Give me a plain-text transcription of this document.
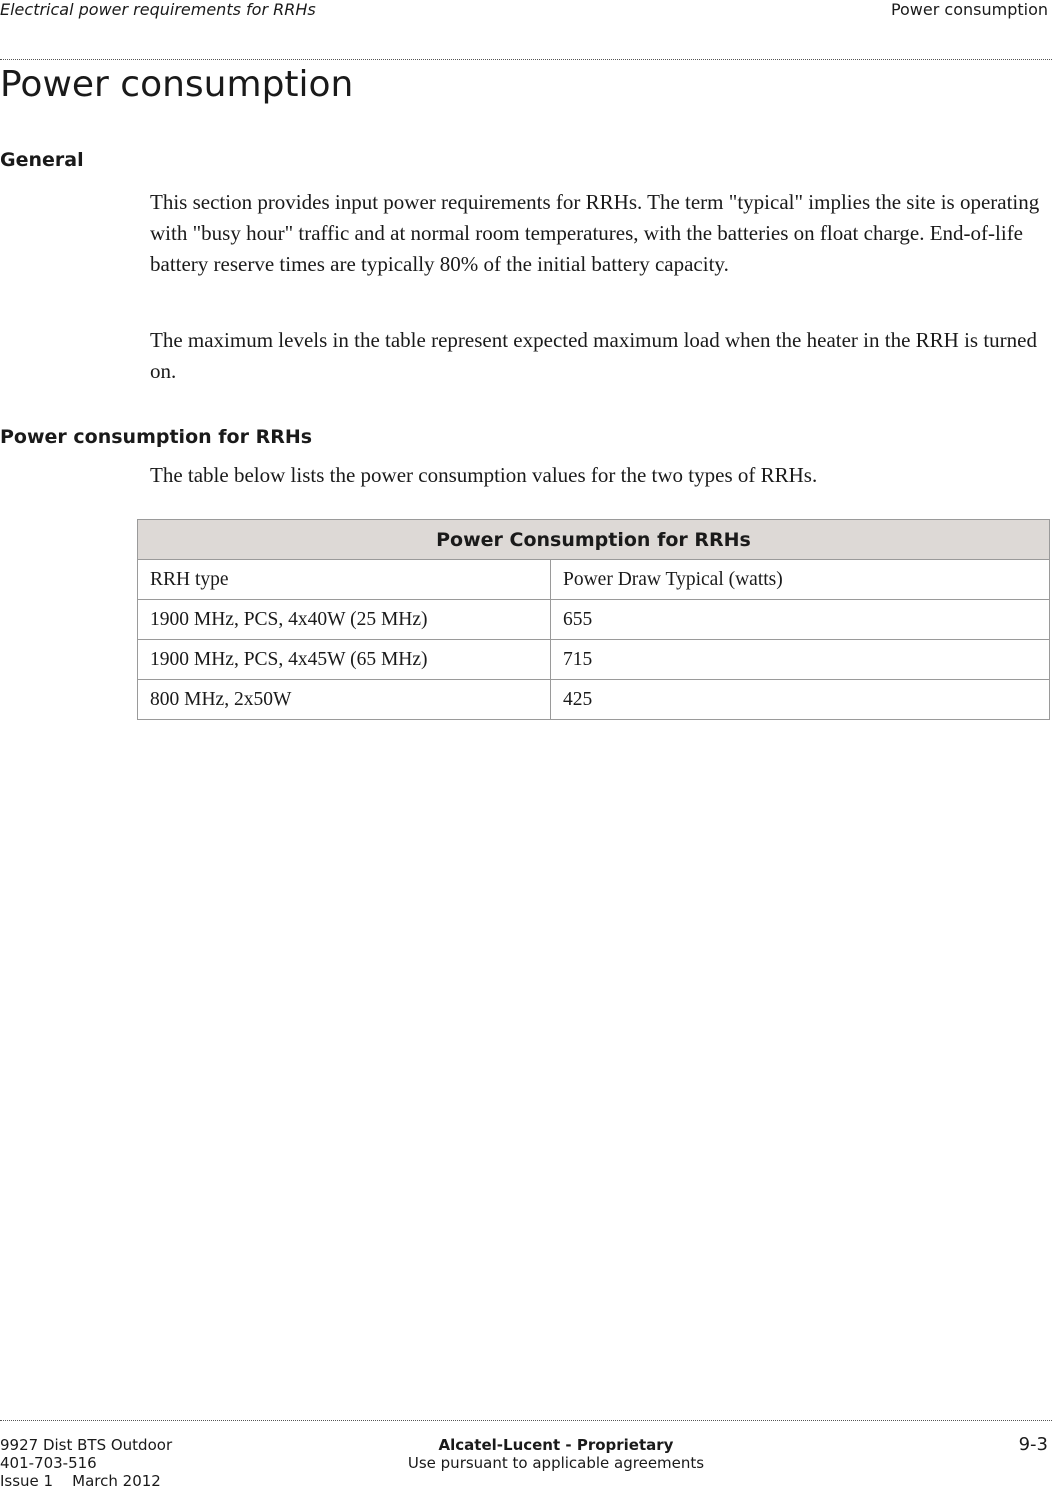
Electrical power requirements for RRHs	Power consumption
Power consumption
General

This section provides input power requirements for RRHs. The term "typical" implies the site is operating with "busy hour" traffic and at normal room temperatures, with the batteries on float charge. End-of-life battery reserve times are typically 80% of the initial battery capacity.

The maximum levels in the table represent expected maximum load when the heater in the RRH is turned on.

Power consumption for RRHs

The table below lists the power consumption values for the two types of RRHs.

Power Consumption for RRHs	
RRH type	Power Draw Typical (watts)
1900 MHz, PCS, 4x40W (25 MHz)	655
1900 MHz, PCS, 4x45W (65 MHz)	715
800 MHz, 2x50W	425
9927 Dist BTS Outdoor
401-703-516
Issue 1    March 2012
Alcatel-Lucent - Proprietary
Use pursuant to applicable agreements
9-3
